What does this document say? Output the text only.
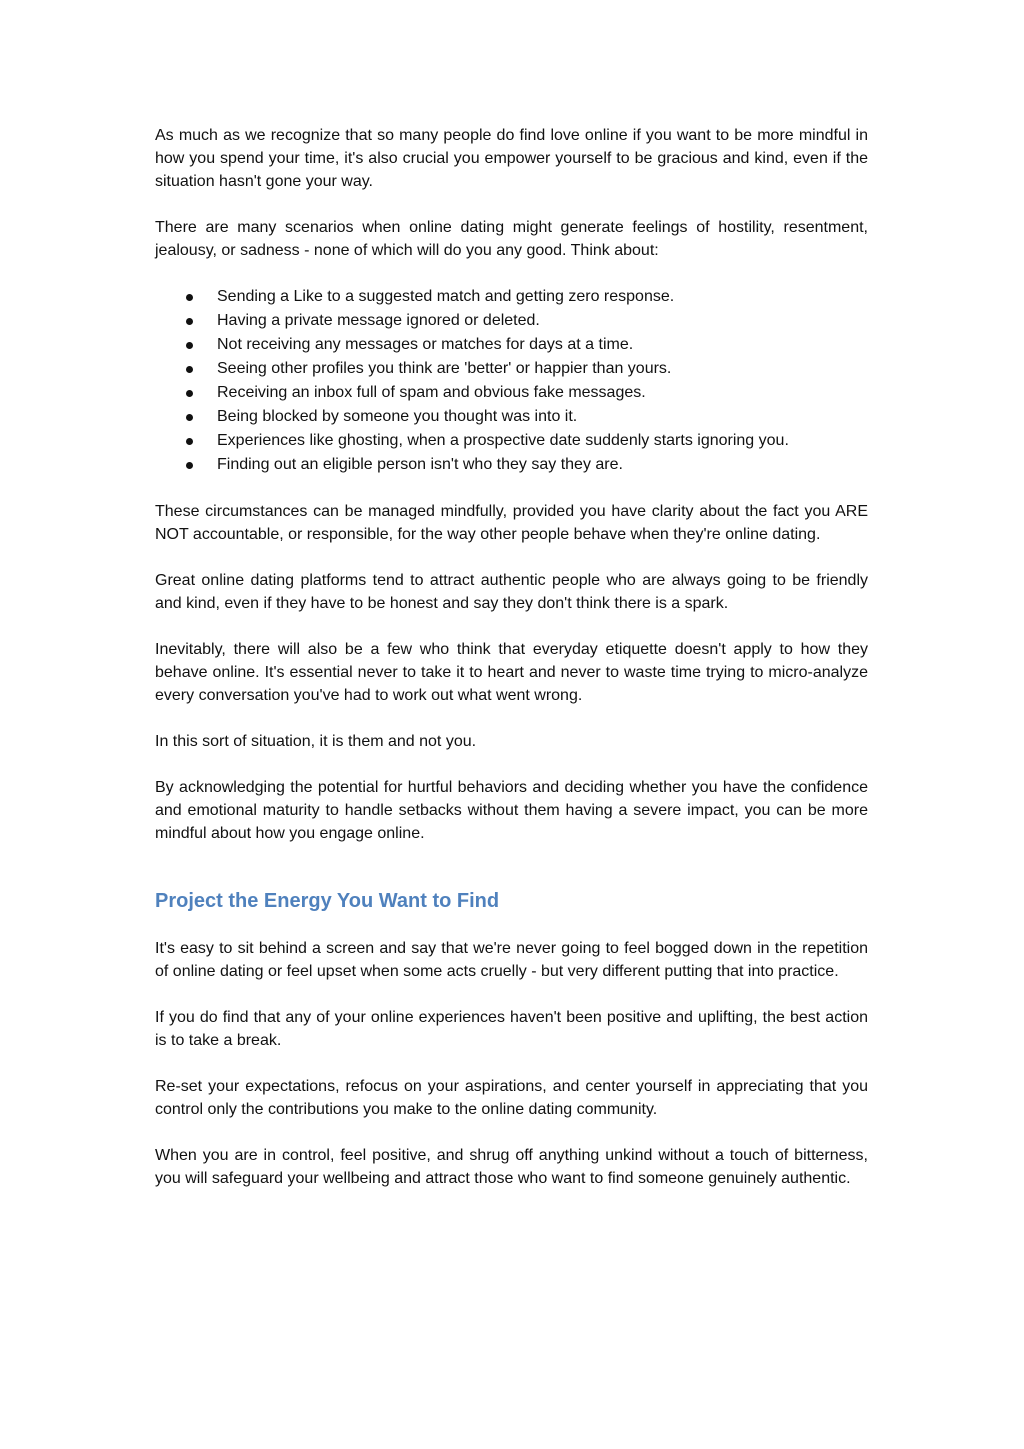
As much as we recognize that so many people do find love online if you want to be more mindful in how you spend your time, it's also crucial you empower yourself to be gracious and kind, even if the situation hasn't gone your way.

There are many scenarios when online dating might generate feelings of hostility, resentment, jealousy, or sadness - none of which will do you any good. Think about:

Sending a Like to a suggested match and getting zero response.
Having a private message ignored or deleted.
Not receiving any messages or matches for days at a time.
Seeing other profiles you think are 'better' or happier than yours.
Receiving an inbox full of spam and obvious fake messages.
Being blocked by someone you thought was into it.
Experiences like ghosting, when a prospective date suddenly starts ignoring you.
Finding out an eligible person isn't who they say they are.

These circumstances can be managed mindfully, provided you have clarity about the fact you ARE NOT accountable, or responsible, for the way other people behave when they're online dating.

Great online dating platforms tend to attract authentic people who are always going to be friendly and kind, even if they have to be honest and say they don't think there is a spark.

Inevitably, there will also be a few who think that everyday etiquette doesn't apply to how they behave online. It's essential never to take it to heart and never to waste time trying to micro-analyze every conversation you've had to work out what went wrong.

In this sort of situation, it is them and not you.

By acknowledging the potential for hurtful behaviors and deciding whether you have the confidence and emotional maturity to handle setbacks without them having a severe impact, you can be more mindful about how you engage online.

Project the Energy You Want to Find

It's easy to sit behind a screen and say that we're never going to feel bogged down in the repetition of online dating or feel upset when some acts cruelly - but very different putting that into practice.

If you do find that any of your online experiences haven't been positive and uplifting, the best action is to take a break.

Re-set your expectations, refocus on your aspirations, and center yourself in appreciating that you control only the contributions you make to the online dating community.

When you are in control, feel positive, and shrug off anything unkind without a touch of bitterness, you will safeguard your wellbeing and attract those who want to find someone genuinely authentic.
